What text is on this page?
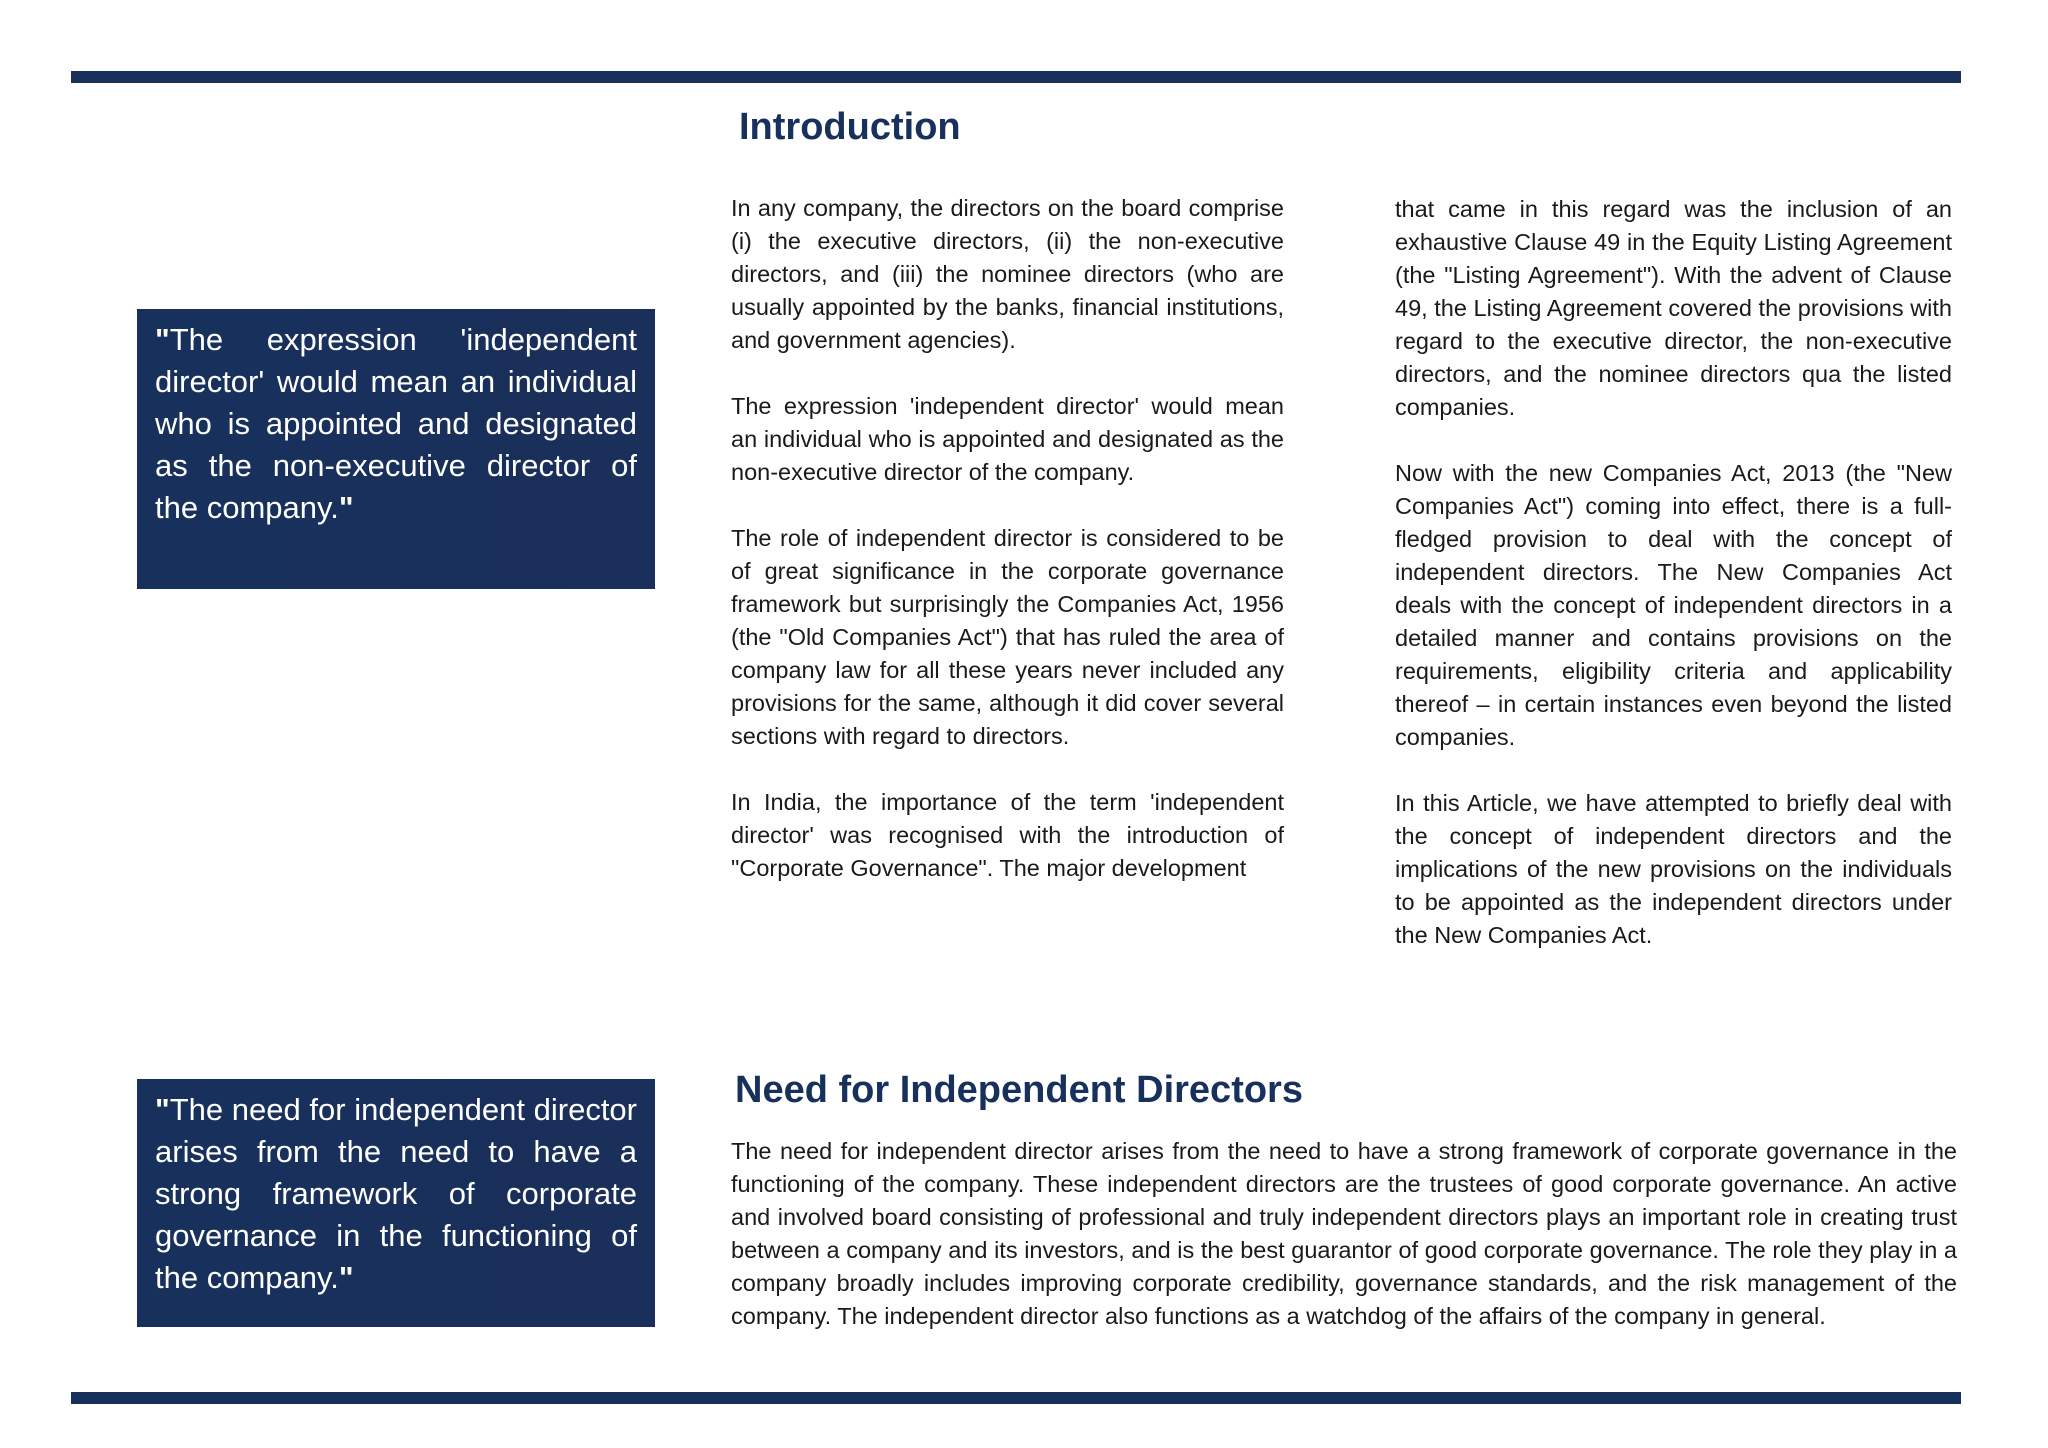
"The expression 'independent director' would mean an individual who is appointed and designated as the non-executive director of the company."
Introduction

In any company, the directors on the board comprise (i) the executive directors, (ii) the non-executive directors, and (iii) the nominee directors (who are usually appointed by the banks, financial institutions, and government agencies).

The expression 'independent director' would mean an individual who is appointed and designated as the non-executive director of the company.

The role of independent director is considered to be of great significance in the corporate governance framework but surprisingly the Companies Act, 1956 (the "Old Companies Act") that has ruled the area of company law for all these years never included any provisions for the same, although it did cover several sections with regard to directors.

In India, the importance of the term 'independent director' was recognised with the introduction of "Corporate Governance". The major development

that came in this regard was the inclusion of an exhaustive Clause 49 in the Equity Listing Agreement (the "Listing Agreement"). With the advent of Clause 49, the Listing Agreement covered the provisions with regard to the executive director, the non-executive directors, and the nominee directors qua the listed companies.

Now with the new Companies Act, 2013 (the "New Companies Act") coming into effect, there is a full-fledged provision to deal with the concept of independent directors. The New Companies Act deals with the concept of independent directors in a detailed manner and contains provisions on the requirements, eligibility criteria and applicability thereof – in certain instances even beyond the listed companies.

In this Article, we have attempted to briefly deal with the concept of independent directors and the implications of the new provisions on the individuals to be appointed as the independent directors under the New Companies Act.

"The need for independent director arises from the need to have a strong framework of corporate governance in the functioning of the company."
Need for Independent Directors

The need for independent director arises from the need to have a strong framework of corporate governance in the functioning of the company. These independent directors are the trustees of good corporate governance. An active and involved board consisting of professional and truly independent directors plays an important role in creating trust between a company and its investors, and is the best guarantor of good corporate governance. The role they play in a company broadly includes improving corporate credibility, governance standards, and the risk management of the company. The independent director also functions as a watchdog of the affairs of the company in general.
